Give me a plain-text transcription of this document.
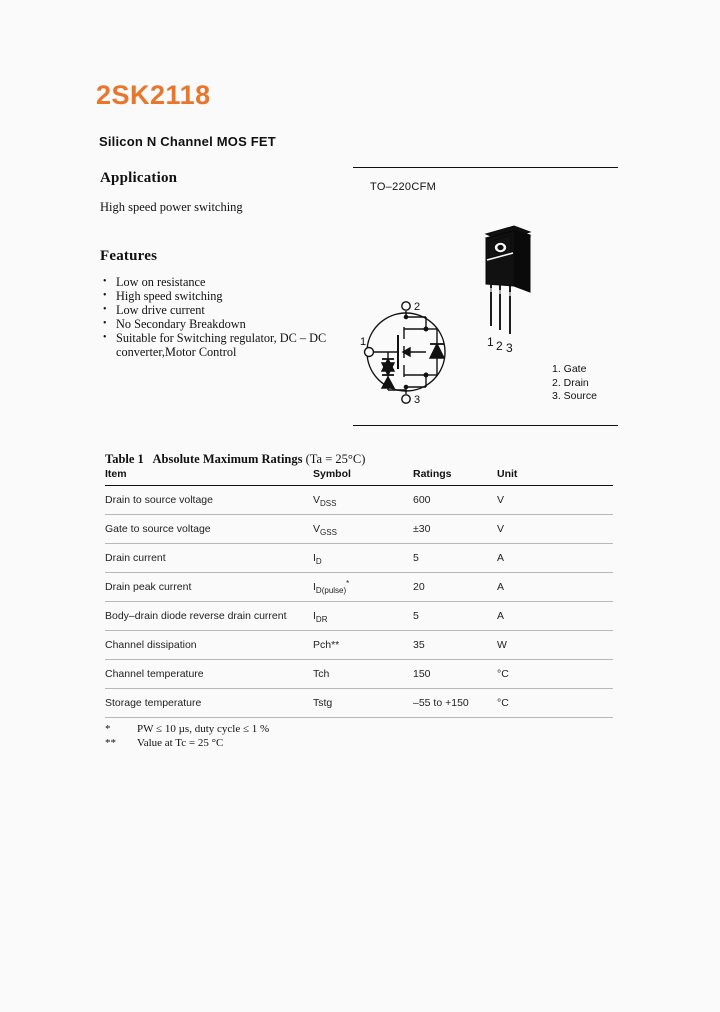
2SK2118
Silicon N Channel MOS FET
Application
High speed power switching
Features
• Low on resistance
• High speed switching
• Low drive current
• No Secondary Breakdown
• Suitable for Switching regulator, DC – DC converter,Motor Control
TO–220CFM
1 2 3
2
3
1
1. Gate
2. Drain
3. Source
Table 1 Absolute Maximum Ratings (Ta = 25°C)
Item	Symbol	Ratings	Unit
Drain to source voltage	$V_{DSS}$	600	V
Gate to source voltage	$V_{GSS}$	±30	V
Drain current	$I_D$	5	A
Drain peak current	$I_{D(pulse)}^*$	20	A
Body–drain diode reverse drain current	$I_{DR}$	5	A
Channel dissipation	Pch**	35	W
Channel temperature	Tch	150	°C
Storage temperature	Tstg	–55 to +150	°C
* PW ≤ 10 µs, duty cycle ≤ 1 %
** Value at Tc = 25 °C
